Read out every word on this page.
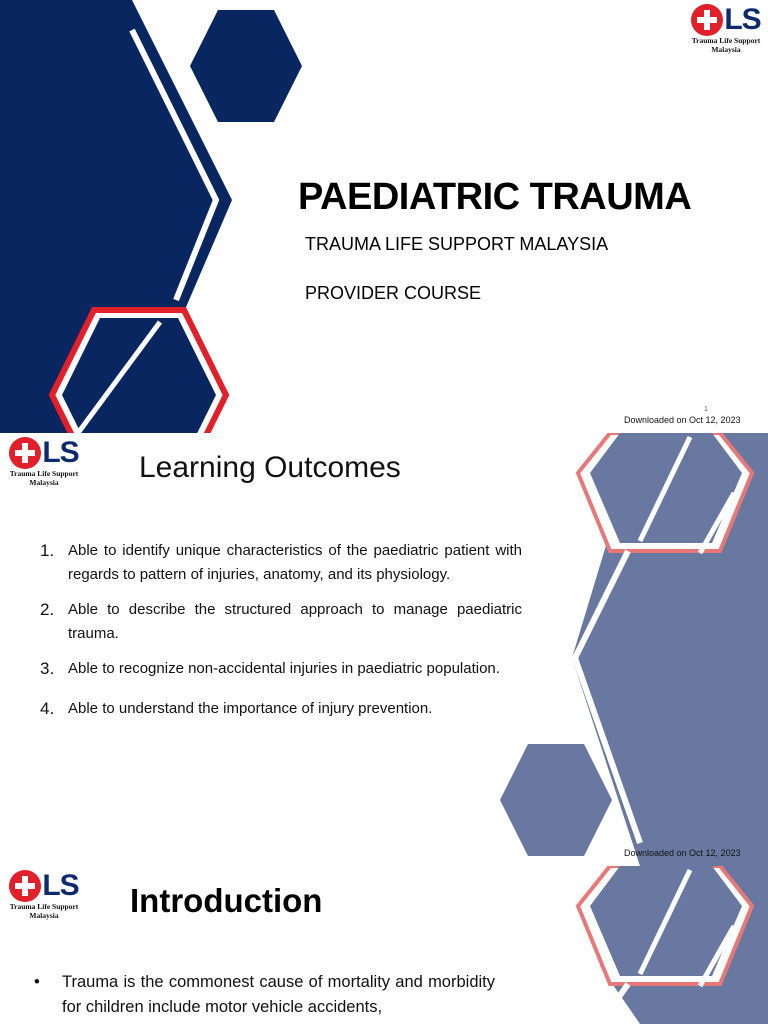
LS
Trauma Life Support
Malaysia
PAEDIATRIC TRAUMA
TRAUMA LIFE SUPPORT MALAYSIA
PROVIDER COURSE
1
Downloaded on Oct 12, 2023
LS
Trauma Life Support
Malaysia	Learning Outcomes
1. Able to identify unique characteristics of the paediatric patient with regards to pattern of injuries, anatomy, and its physiology.
2. Able to describe the structured approach to manage paediatric trauma.
3. Able to recognize non-accidental injuries in paediatric population.
4. Able to understand the importance of injury prevention.
Downloaded on Oct 12, 2023
LS
Trauma Life Support
Malaysia	Introduction
• Trauma is the commonest cause of mortality and morbidity for children include motor vehicle accidents,
